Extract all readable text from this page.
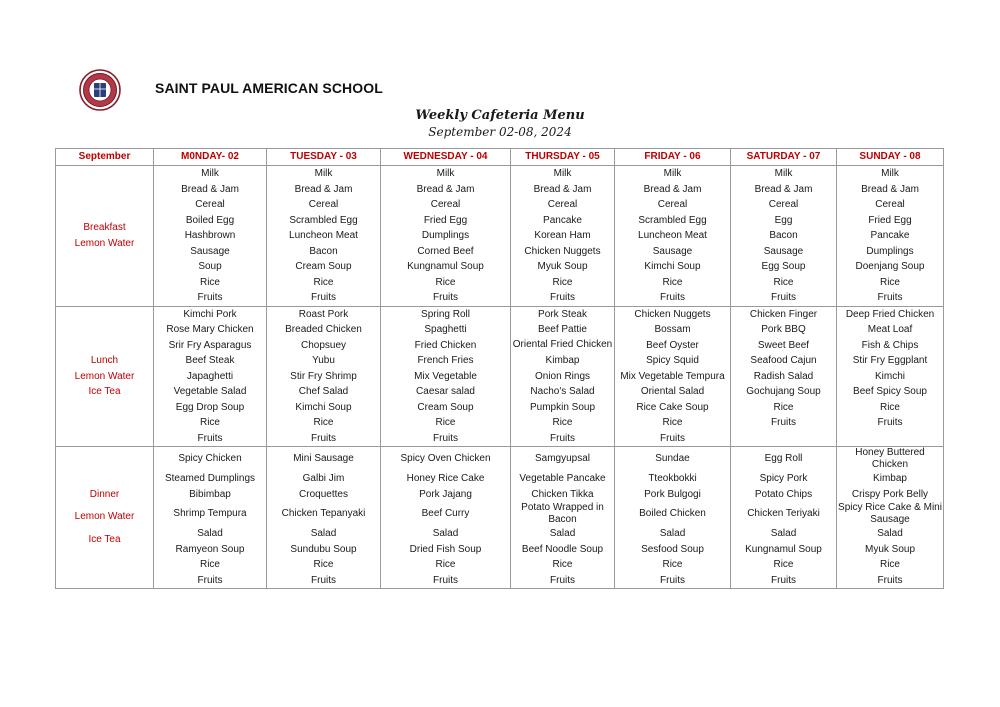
SAINT PAUL AMERICAN SCHOOL
Weekly Cafeteria Menu
September 02-08, 2024
September	M0NDAY- 02	TUESDAY - 03	WEDNESDAY - 04	THURSDAY - 05	FRIDAY - 06	SATURDAY - 07	SUNDAY - 08

Breakfast
Lemon Water	Milk	Milk	Milk	Milk	Milk	Milk	Milk
	Bread & Jam	Bread & Jam	Bread & Jam	Bread & Jam	Bread & Jam	Bread & Jam	Bread & Jam
	Cereal	Cereal	Cereal	Cereal	Cereal	Cereal	Cereal
	Boiled Egg	Scrambled Egg	Fried Egg	Pancake	Scrambled Egg	Egg	Fried Egg
	Hashbrown	Luncheon Meat	Dumplings	Korean Ham	Luncheon Meat	Bacon	Pancake
	Sausage	Bacon	Corned Beef	Chicken Nuggets	Sausage	Sausage	Dumplings
	Soup	Cream Soup	Kungnamul Soup	Myuk Soup	Kimchi Soup	Egg Soup	Doenjang Soup
	Rice	Rice	Rice	Rice	Rice	Rice	Rice
	Fruits	Fruits	Fruits	Fruits	Fruits	Fruits	Fruits

Lunch
Lemon Water
Ice Tea	Kimchi Pork	Roast Pork	Spring Roll	Pork Steak	Chicken Nuggets	Chicken Finger	Deep Fried Chicken
	Rose Mary Chicken	Breaded Chicken	Spaghetti	Beef Pattie	Bossam	Pork BBQ	Meat Loaf
	Srir Fry Asparagus	Chopsuey	Fried Chicken	Oriental Fried Chicken	Beef Oyster	Sweet Beef	Fish & Chips
	Beef Steak	Yubu	French Fries	Kimbap	Spicy Squid	Seafood Cajun	Stir Fry Eggplant
	Japaghetti	Stir Fry Shrimp	Mix Vegetable	Onion Rings	Mix Vegetable Tempura	Radish Salad	Kimchi
	Vegetable Salad	Chef Salad	Caesar salad	Nacho's Salad	Oriental Salad	Gochujang Soup	Beef Spicy Soup
	Egg Drop Soup	Kimchi Soup	Cream Soup	Pumpkin Soup	Rice Cake Soup	Rice	Rice
	Rice	Rice	Rice	Rice	Rice	Fruits	Fruits
	Fruits	Fruits	Fruits	Fruits	Fruits		

Dinner
Lemon Water
Ice Tea	Spicy Chicken	Mini Sausage	Spicy Oven Chicken	Samgyupsal	Sundae	Egg Roll	Honey Buttered Chicken
	Steamed Dumplings	Galbi Jim	Honey Rice Cake	Vegetable Pancake	Tteokbokki	Spicy Pork	Kimbap
	Bibimbap	Croquettes	Pork Jajang	Chicken Tikka	Pork Bulgogi	Potato Chips	Crispy Pork Belly
	Shrimp Tempura	Chicken Tepanyaki	Beef Curry	Potato Wrapped in Bacon	Boiled Chicken	Chicken Teriyaki	Spicy Rice Cake & Mini Sausage
	Salad	Salad	Salad	Salad	Salad	Salad	Salad
	Ramyeon Soup	Sundubu Soup	Dried Fish Soup	Beef Noodle Soup	Sesfood Soup	Kungnamul Soup	Myuk Soup
	Rice	Rice	Rice	Rice	Rice	Rice	Rice
	Fruits	Fruits	Fruits	Fruits	Fruits	Fruits	Fruits
